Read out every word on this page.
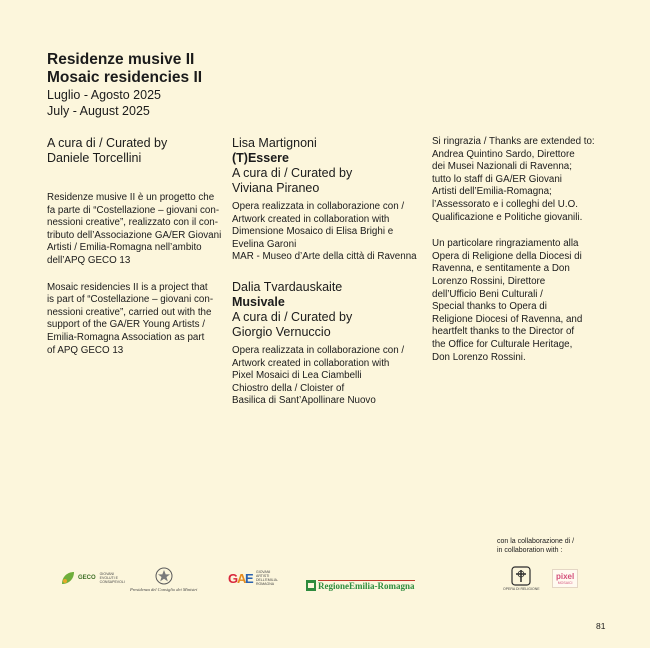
Residenze musive II
Mosaic residencies II
Luglio - Agosto 2025
July - August 2025
A cura di / Curated by
Daniele Torcellini
Residenze musive II è un progetto che
fa parte di “Costellazione – giovani con-
nessioni creative”, realizzato con il con-
tributo dell’Associazione GA/ER Giovani
Artisti / Emilia-Romagna nell’ambito
dell’APQ GECO 13
Mosaic residencies II is a project that
is part of “Costellazione – giovani con-
nessioni creative”, carried out with the
support of the GA/ER Young Artists /
Emilia-Romagna Association as part
of APQ GECO 13
Lisa Martignoni
(T)Essere
A cura di / Curated by
Viviana Piraneo
Opera realizzata in collaborazione con /
Artwork created in collaboration with
Dimensione Mosaico di Elisa Brighi e
Evelina Garoni
MAR - Museo d’Arte della città di Ravenna
Dalia Tvardauskaite
Musivale
A cura di / Curated by
Giorgio Vernuccio
Opera realizzata in collaborazione con /
Artwork created in collaboration with
Pixel Mosaici di Lea Ciambelli
Chiostro della / Cloister of
Basilica di Sant’Apollinare Nuovo
Si ringrazia / Thanks are extended to:
Andrea Quintino Sardo, Direttore
dei Musei Nazionali di Ravenna;
tutto lo staff di GA/ER Giovani
Artisti dell’Emilia-Romagna;
l’Assessorato e i colleghi del U.O.
Qualificazione e Politiche giovanili.
Un particolare ringraziamento alla
Opera di Religione della Diocesi di
Ravenna, e sentitamente a Don
Lorenzo Rossini, Direttore
dell’Ufficio Beni Culturali /
Special thanks to Opera di
Religione Diocesi of Ravenna, and
heartfelt thanks to the Director of
the Office for Culturale Heritage,
Don Lorenzo Rossini.
con la collaborazione di /
in collaboration with :
GECO
GIOVANI EVOLUTI E CONSAPEVOLI
Presidenza del Consiglio dei Ministri
G
A
E GIOVANI ARTISTI DELL'EMILIA-ROMAGNA	RegioneEmilia-Romagna	OPERA DI RELIGIONE
pixel
MOSAICI
81
